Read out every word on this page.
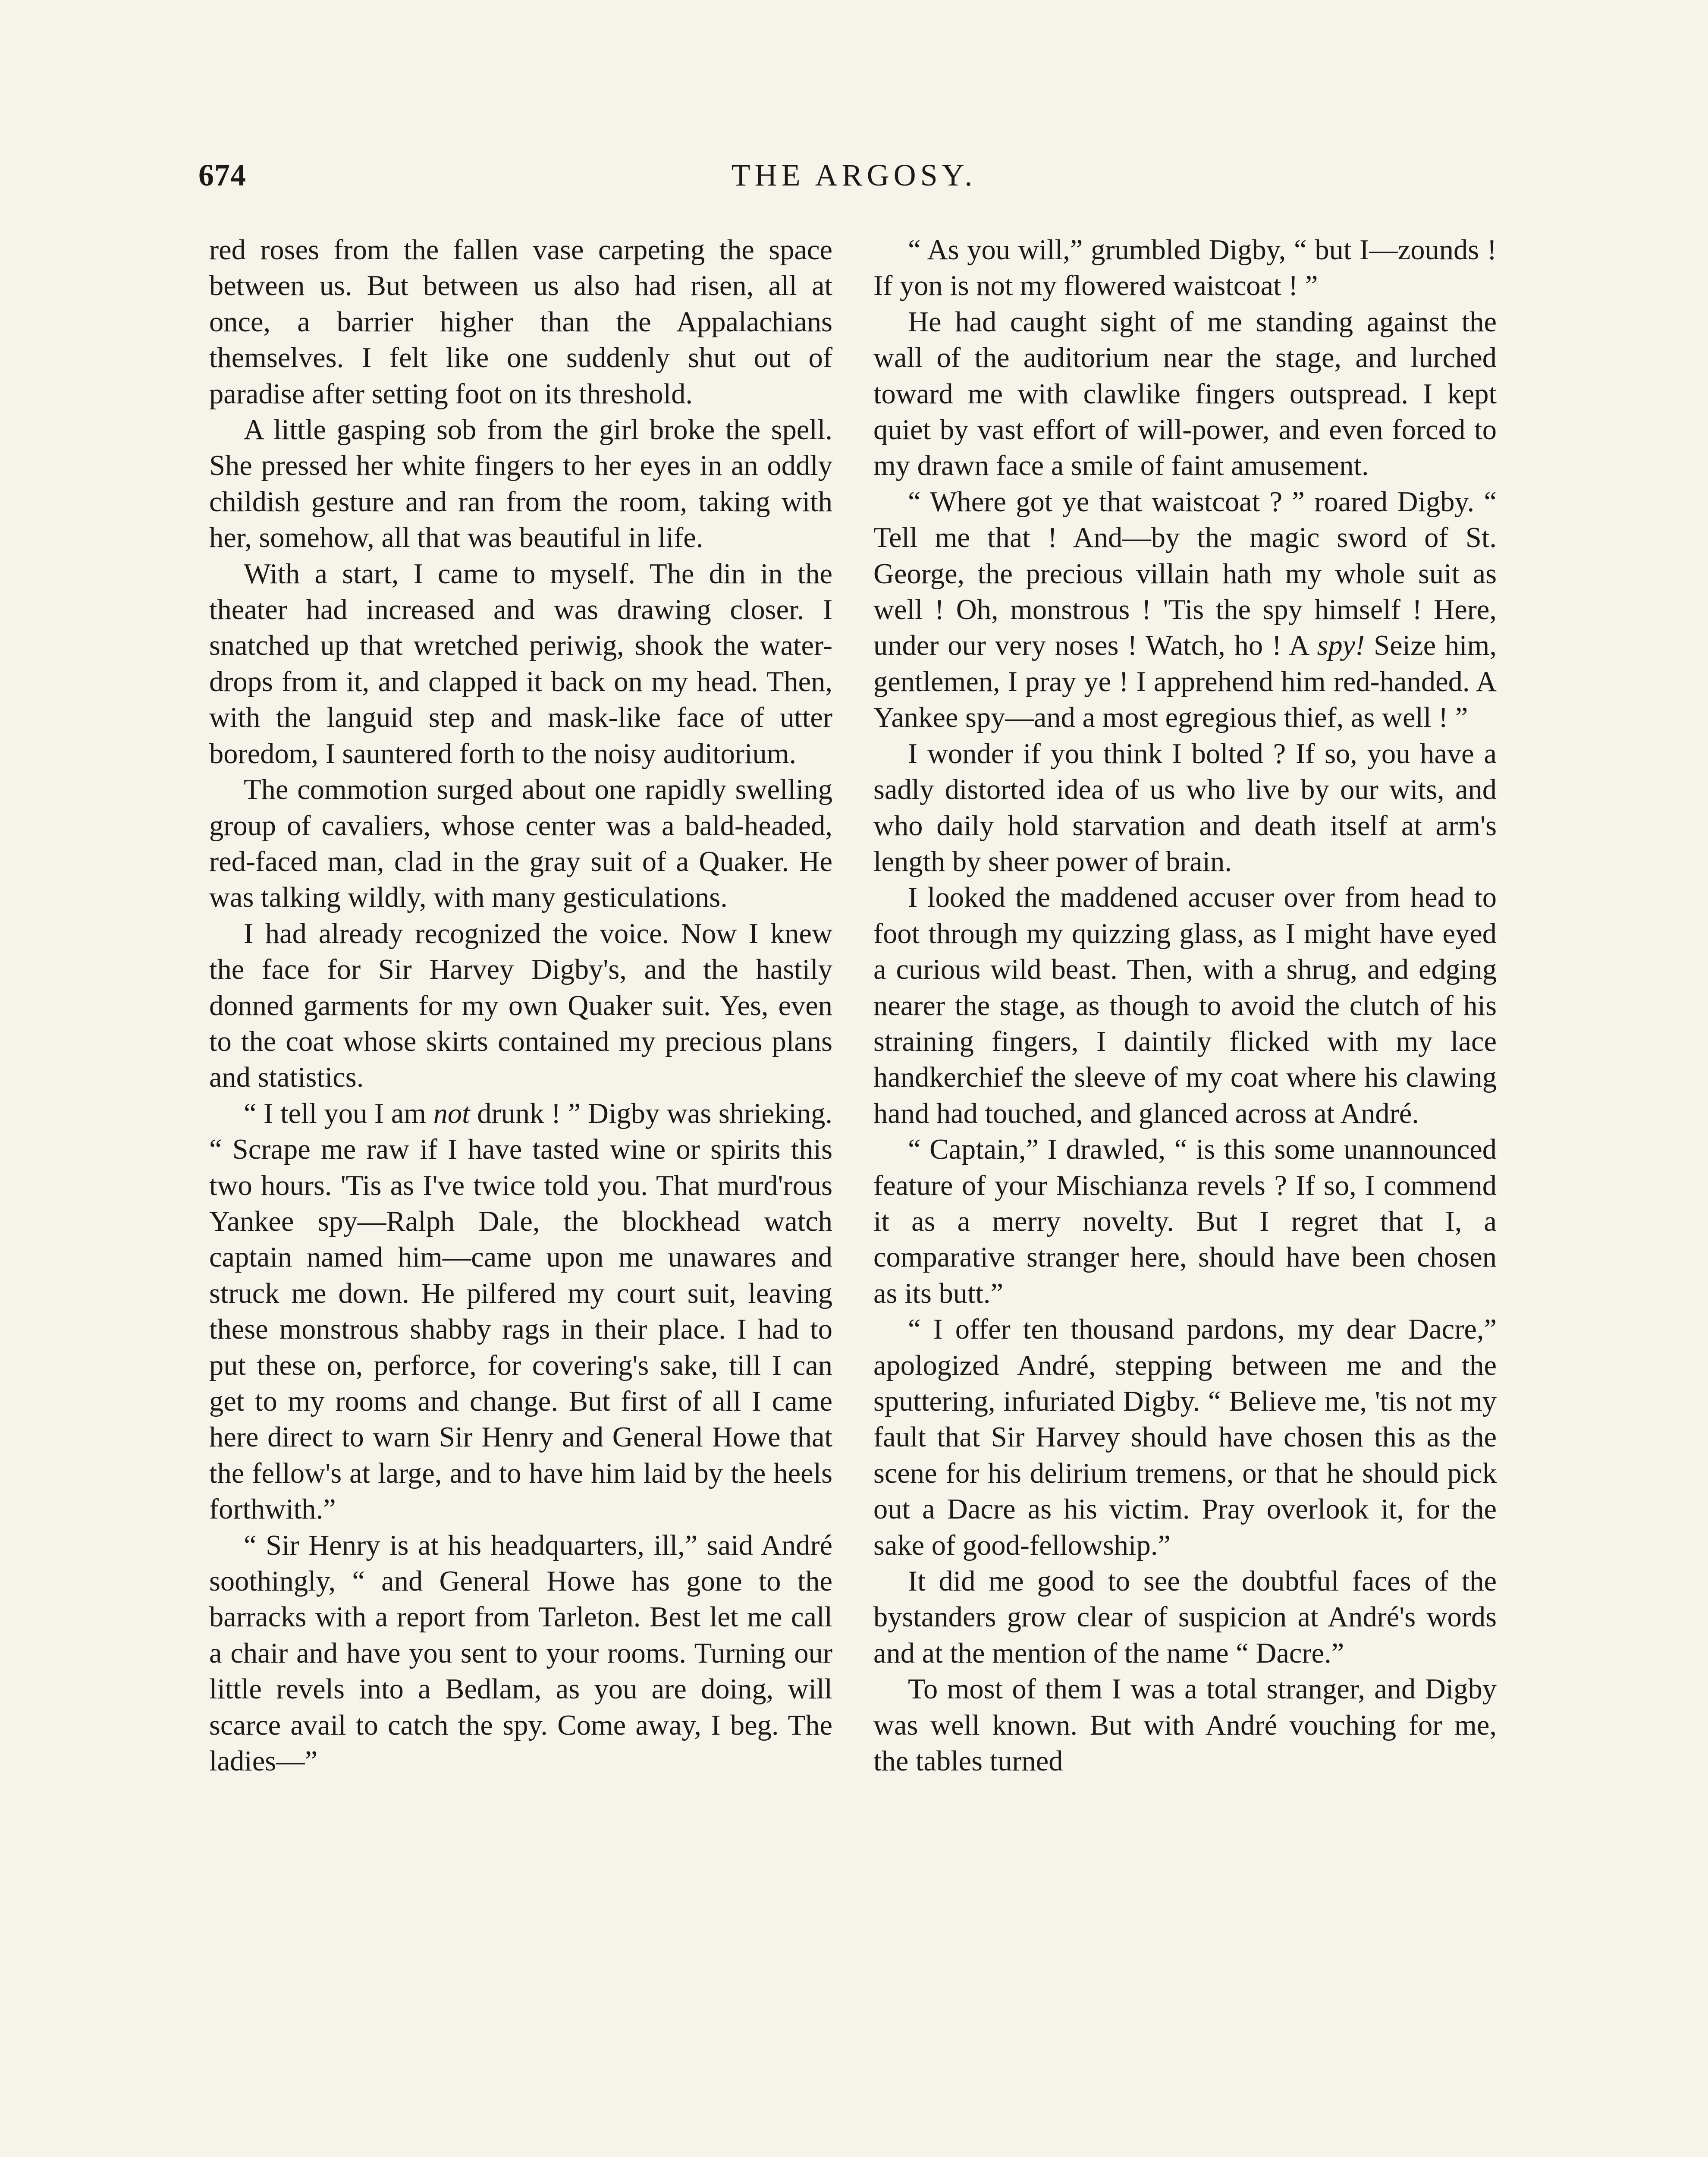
674	THE ARGOSY.

red roses from the fallen vase carpeting the space between us. But between us also had risen, all at once, a barrier higher than the Appalachians themselves. I felt like one suddenly shut out of paradise after setting foot on its threshold.

A little gasping sob from the girl broke the spell. She pressed her white fingers to her eyes in an oddly childish gesture and ran from the room, taking with her, somehow, all that was beautiful in life.

With a start, I came to myself. The din in the theater had increased and was drawing closer. I snatched up that wretched periwig, shook the water-drops from it, and clapped it back on my head. Then, with the languid step and mask-like face of utter boredom, I sauntered forth to the noisy auditorium.

The commotion surged about one rapidly swelling group of cavaliers, whose center was a bald-headed, red-faced man, clad in the gray suit of a Quaker. He was talking wildly, with many gesticulations.

I had already recognized the voice. Now I knew the face for Sir Harvey Digby's, and the hastily donned garments for my own Quaker suit. Yes, even to the coat whose skirts contained my precious plans and statistics.

“ I tell you I am not drunk ! ” Digby was shrieking. “ Scrape me raw if I have tasted wine or spirits this two hours. 'Tis as I've twice told you. That murd'rous Yankee spy—Ralph Dale, the blockhead watch captain named him—came upon me unawares and struck me down. He pilfered my court suit, leaving these monstrous shabby rags in their place. I had to put these on, perforce, for covering's sake, till I can get to my rooms and change. But first of all I came here direct to warn Sir Henry and General Howe that the fellow's at large, and to have him laid by the heels forthwith.”

“ Sir Henry is at his headquarters, ill,” said André soothingly, “ and General Howe has gone to the barracks with a report from Tarleton. Best let me call a chair and have you sent to your rooms. Turning our little revels into a Bedlam, as you are doing, will scarce avail to catch the spy. Come away, I beg. The ladies—”

“ As you will,” grumbled Digby, “ but I—zounds ! If yon is not my flowered waistcoat ! ”

He had caught sight of me standing against the wall of the auditorium near the stage, and lurched toward me with clawlike fingers outspread. I kept quiet by vast effort of will-power, and even forced to my drawn face a smile of faint amusement.

“ Where got ye that waistcoat ? ” roared Digby. “ Tell me that ! And—by the magic sword of St. George, the precious villain hath my whole suit as well ! Oh, monstrous ! 'Tis the spy himself ! Here, under our very noses ! Watch, ho ! A spy! Seize him, gentlemen, I pray ye ! I apprehend him red-handed. A Yankee spy—and a most egregious thief, as well ! ”

I wonder if you think I bolted ? If so, you have a sadly distorted idea of us who live by our wits, and who daily hold starvation and death itself at arm's length by sheer power of brain.

I looked the maddened accuser over from head to foot through my quizzing glass, as I might have eyed a curious wild beast. Then, with a shrug, and edging nearer the stage, as though to avoid the clutch of his straining fingers, I daintily flicked with my lace handkerchief the sleeve of my coat where his clawing hand had touched, and glanced across at André.

“ Captain,” I drawled, “ is this some unannounced feature of your Mischianza revels ? If so, I commend it as a merry novelty. But I regret that I, a comparative stranger here, should have been chosen as its butt.”

“ I offer ten thousand pardons, my dear Dacre,” apologized André, stepping between me and the sputtering, infuriated Digby. “ Believe me, 'tis not my fault that Sir Harvey should have chosen this as the scene for his delirium tremens, or that he should pick out a Dacre as his victim. Pray overlook it, for the sake of good-fellowship.”

It did me good to see the doubtful faces of the bystanders grow clear of suspicion at André's words and at the mention of the name “ Dacre.”

To most of them I was a total stranger, and Digby was well known. But with André vouching for me, the tables turned
